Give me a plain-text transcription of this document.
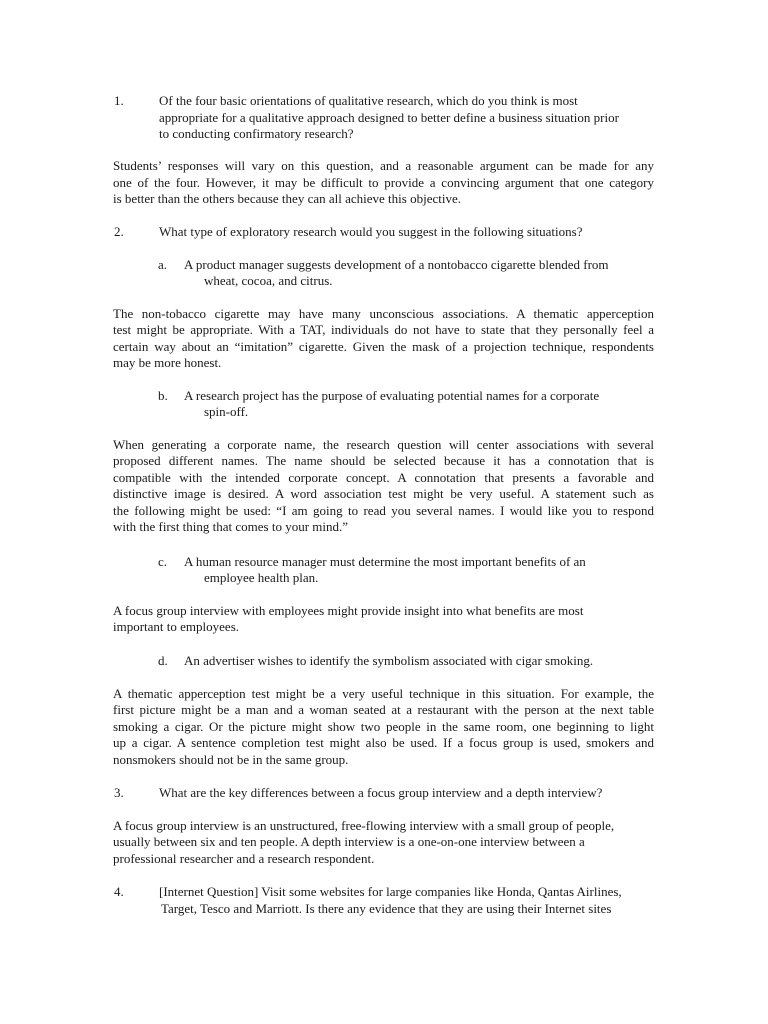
1.	Of the four basic orientations of qualitative research, which do you think is most
appropriate for a qualitative approach designed to better define a business situation prior
to conducting confirmatory research?
Students’ responses will vary on this question, and a reasonable argument can be made for any
one of the four. However, it may be difficult to provide a convincing argument that one category
is better than the others because they can all achieve this objective.
2.	What type of exploratory research would you suggest in the following situations?
a. A product manager suggests development of a nontobacco cigarette blended from
wheat, cocoa, and citrus.
The non-tobacco cigarette may have many unconscious associations. A thematic apperception
test might be appropriate. With a TAT, individuals do not have to state that they personally feel a
certain way about an “imitation” cigarette. Given the mask of a projection technique, respondents
may be more honest.
b. A research project has the purpose of evaluating potential names for a corporate
spin-off.
When generating a corporate name, the research question will center associations with several
proposed different names. The name should be selected because it has a connotation that is
compatible with the intended corporate concept. A connotation that presents a favorable and
distinctive image is desired. A word association test might be very useful. A statement such as
the following might be used: “I am going to read you several names. I would like you to respond
with the first thing that comes to your mind.”
c. A human resource manager must determine the most important benefits of an
employee health plan.
A focus group interview with employees might provide insight into what benefits are most
important to employees.
d. An advertiser wishes to identify the symbolism associated with cigar smoking.
A thematic apperception test might be a very useful technique in this situation. For example, the
first picture might be a man and a woman seated at a restaurant with the person at the next table
smoking a cigar. Or the picture might show two people in the same room, one beginning to light
up a cigar. A sentence completion test might also be used. If a focus group is used, smokers and
nonsmokers should not be in the same group.
3.	What are the key differences between a focus group interview and a depth interview?
A focus group interview is an unstructured, free-flowing interview with a small group of people,
usually between six and ten people. A depth interview is a one-on-one interview between a
professional researcher and a research respondent.
4.	[Internet Question] Visit some websites for large companies like Honda, Qantas Airlines,
Target, Tesco and Marriott. Is there any evidence that they are using their Internet sites
